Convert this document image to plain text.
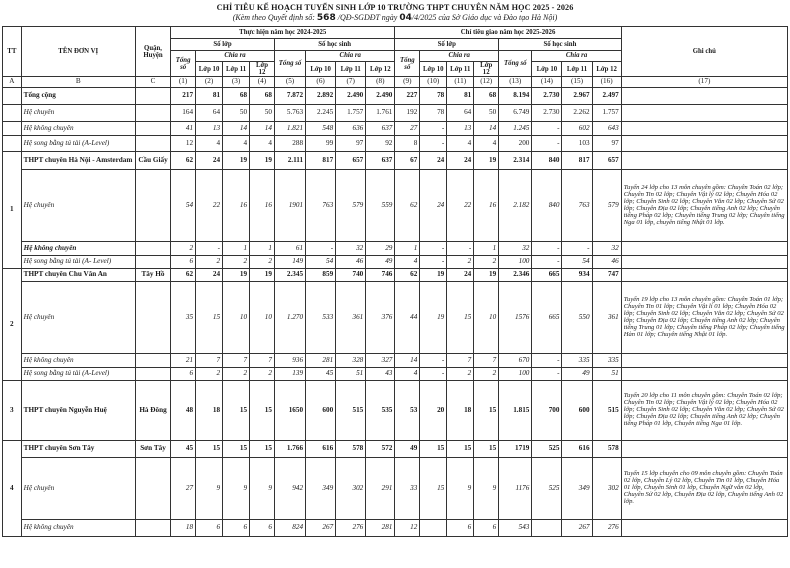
CHỈ TIÊU KẾ HOẠCH TUYỂN SINH LỚP 10 TRƯỜNG THPT CHUYÊN NĂM HỌC 2025 - 2026
(Kèm theo Quyết định số: 568 /QĐ-SGDĐT ngày 04/4/2025 của Sở Giáo dục và Đào tạo Hà Nội)
TT	TÊN ĐƠN VỊ	Quận, Huyện	Thực hiện năm học 2024-2025								Chỉ tiêu giao năm học 2025-2026								Ghi chú
			Số lớp				Số học sinh				Số lớp				Số học sinh				
			Tổng số	Chia ra			Tổng số	Chia ra			Tổng số	Chia ra			Tổng số	Chia ra			
				Lớp 10	Lớp 11	Lớp 12		Lớp 10	Lớp 11	Lớp 12		Lớp 10	Lớp 11	Lớp 12		Lớp 10	Lớp 11	Lớp 12	
A	B	C	(1)	(2)	(3)	(4)	(5)	(6)	(7)	(8)	(9)	(10)	(11)	(12)	(13)	(14)	(15)	(16)	(17)
	Tổng cộng		217	81	68	68	7.872	2.892	2.490	2.490	227	78	81	68	8.194	2.730	2.967	2.497	
	Hệ chuyên		164	64	50	50	5.763	2.245	1.757	1.761	192	78	64	50	6.749	2.730	2.262	1.757	
	Hệ không chuyên		41	13	14	14	1.821	548	636	637	27	-	13	14	1.245	-	602	643	
	Hệ song bằng tú tài (A-Level)		12	4	4	4	288	99	97	92	8	-	4	4	200	-	103	97	
1	THPT chuyên Hà Nội - Amsterdam	Cầu Giấy	62	24	19	19	2.111	817	657	637	67	24	24	19	2.314	840	817	657	
	Hệ chuyên		54	22	16	16	1901	763	579	559	62	24	22	16	2.182	840	763	579	Tuyển 24 lớp cho 13 môn chuyên gồm: Chuyên Toán 02 lớp; Chuyên Tin 02 lớp; Chuyên Vật lý 02 lớp; Chuyên Hóa 02 lớp; Chuyên Sinh 02 lớp; Chuyên Văn 02 lớp; Chuyên Sử 02 lớp; Chuyên Địa 02 lớp; Chuyên tiếng Anh 02 lớp; Chuyên tiếng Pháp 02 lớp; Chuyên tiếng Trung 02 lớp; Chuyên tiếng Nga 01 lớp, chuyên tiếng Nhật 01 lớp.
	Hệ không chuyên		2	-	1	1	61	-	32	29	1	-	-	1	32	-	-	32	
	Hệ song bằng tú tài (A- Level)		6	2	2	2	149	54	46	49	4	-	2	2	100	-	54	46	
2	THPT chuyên Chu Văn An	Tây Hồ	62	24	19	19	2.345	859	740	746	62	19	24	19	2.346	665	934	747	
	Hệ chuyên		35	15	10	10	1.270	533	361	376	44	19	15	10	1576	665	550	361	Tuyển 19 lớp cho 13 môn chuyên gồm: Chuyên Toán 01 lớp; Chuyên Tin 01 lớp; Chuyên Vật lí 01 lớp; Chuyên Hóa 02 lớp; Chuyên Sinh 02 lớp; Chuyên Văn 02 lớp; Chuyên Sử 02 lớp; Chuyên Địa 02 lớp; Chuyên tiếng Anh 02 lớp; Chuyên tiếng Trung 01 lớp; Chuyên tiếng Pháp 02 lớp; Chuyên tiếng Hàn 01 lớp; Chuyên tiếng Nhật 01 lớp.
	Hệ không chuyên		21	7	7	7	936	281	328	327	14	-	7	7	670	-	335	335	
	Hệ song bằng tú tài (A-Level)		6	2	2	2	139	45	51	43	4	-	2	2	100	-	49	51	
3	THPT chuyên Nguyễn Huệ	Hà Đông	48	18	15	15	1650	600	515	535	53	20	18	15	1.815	700	600	515	Tuyển 20 lớp cho 11 môn chuyên gồm: Chuyên Toán 02 lớp; Chuyên Tin 02 lớp; Chuyên Vật lý 02 lớp; Chuyên Hóa 02 lớp; Chuyên Sinh 02 lớp; Chuyên Văn 02 lớp; Chuyên Sử 02 lớp; Chuyên Địa 02 lớp; Chuyên tiếng Anh 02 lớp; Chuyên tiếng Pháp 01 lớp, Chuyên tiếng Nga 01 lớp.
4	THPT chuyên Sơn Tây	Sơn Tây	45	15	15	15	1.766	616	578	572	49	15	15	15	1719	525	616	578	
	Hệ chuyên		27	9	9	9	942	349	302	291	33	15	9	9	1176	525	349	302	Tuyển 15 lớp chuyên cho 09 môn chuyên gồm: Chuyên Toán 02 lớp, Chuyên Lý 02 lớp, Chuyên Tin 01 lớp, Chuyên Hóa 01 lớp, Chuyên Sinh 01 lớp, Chuyên Ngữ văn 02 lớp, Chuyên Sử 02 lớp, Chuyên Địa 02 lớp, Chuyên tiếng Anh 02 lớp.
	Hệ không chuyên		18	6	6	6	824	267	276	281	12		6	6	543		267	276	
